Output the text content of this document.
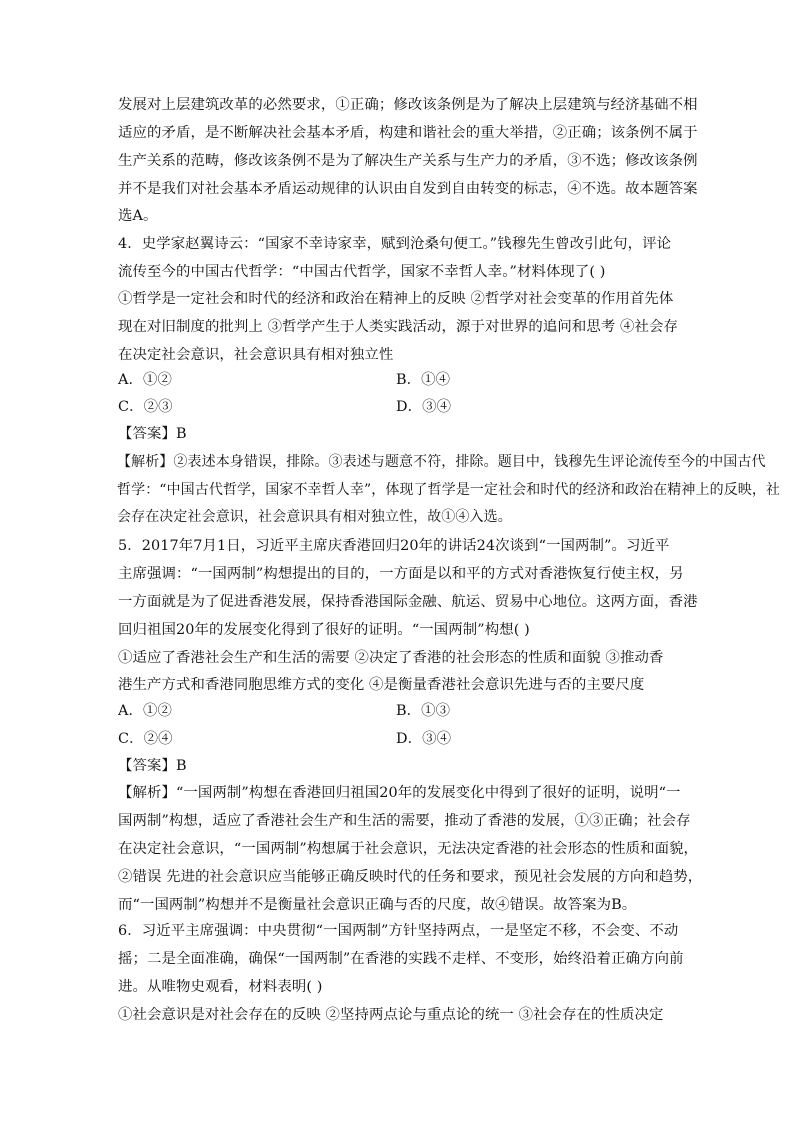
发展对上层建筑改革的必然要求，①正确；修改该条例是为了解决上层建筑与经济基础不相
适应的矛盾，是不断解决社会基本矛盾，构建和谐社会的重大举措，②正确；该条例不属于
生产关系的范畴，修改该条例不是为了解决生产关系与生产力的矛盾，③不选；修改该条例
并不是我们对社会基本矛盾运动规律的认识由自发到自由转变的标志，④不选。故本题答案
选A。
4．史学家赵翼诗云：“国家不幸诗家幸，赋到沧桑句便工。”钱穆先生曾改引此句，评论
流传至今的中国古代哲学：“中国古代哲学，国家不幸哲人幸。”材料体现了( )
①哲学是一定社会和时代的经济和政治在精神上的反映 ②哲学对社会变革的作用首先体
现在对旧制度的批判上 ③哲学产生于人类实践活动，源于对世界的追问和思考 ④社会存
在决定社会意识，社会意识具有相对独立性
A．①②	B．①④
C．②③	D．③④
【答案】B
【解析】②表述本身错误，排除。③表述与题意不符，排除。题目中，钱穆先生评论流传至今的中国古代
哲学：“中国古代哲学，国家不幸哲人幸”，体现了哲学是一定社会和时代的经济和政治在精神上的反映，社
会存在决定社会意识，社会意识具有相对独立性，故①④入选。
5．2017年7月1日，习近平主席庆香港回归20年的讲话24次谈到“一国两制”。习近平
主席强调：“一国两制”构想提出的目的，一方面是以和平的方式对香港恢复行使主权，另
一方面就是为了促进香港发展，保持香港国际金融、航运、贸易中心地位。这两方面，香港
回归祖国20年的发展变化得到了很好的证明。“一国两制”构想( )
①适应了香港社会生产和生活的需要 ②决定了香港的社会形态的性质和面貌 ③推动香
港生产方式和香港同胞思维方式的变化 ④是衡量香港社会意识先进与否的主要尺度
A．①②	B．①③
C．②④	D．③④
【答案】B
【解析】“一国两制”构想在香港回归祖国20年的发展变化中得到了很好的证明，说明“一
国两制”构想，适应了香港社会生产和生活的需要，推动了香港的发展，①③正确；社会存
在决定社会意识，“一国两制”构想属于社会意识，无法决定香港的社会形态的性质和面貌，
②错误 先进的社会意识应当能够正确反映时代的任务和要求，预见社会发展的方向和趋势，
而“一国两制”构想并不是衡量社会意识正确与否的尺度，故④错误。故答案为B。
6．习近平主席强调：中央贯彻“一国两制”方针坚持两点，一是坚定不移，不会变、不动
摇；二是全面准确，确保“一国两制”在香港的实践不走样、不变形，始终沿着正确方向前
进。从唯物史观看，材料表明( )
①社会意识是对社会存在的反映 ②坚持两点论与重点论的统一 ③社会存在的性质决定
